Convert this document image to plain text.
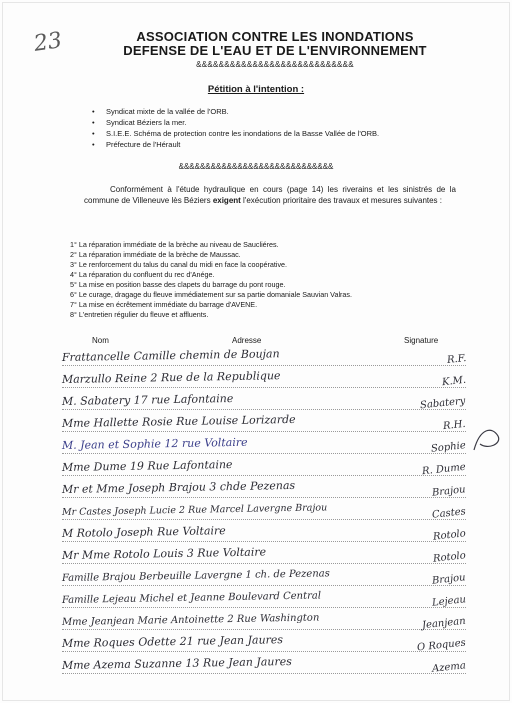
23	ASSOCIATION CONTRE LES INONDATIONS
DEFENSE DE L'EAU ET DE L'ENVIRONNEMENT
&&&&&&&&&&&&&&&&&&&&&&&&&&&&
Pétition à l'intention :
• Syndicat mixte de la vallée de l'ORB.
• Syndicat Béziers la mer.
• S.I.E.E. Schéma de protection contre les inondations de la Basse Vallée de l'ORB.
• Préfecture de l'Hérault
&&&&&&&&&&&&&&&&&&&&&&&&&&&&&
Conformément à l'étude hydraulique en cours (page 14) les riverains et les sinistrés de la commune de Villeneuve lès Béziers exigent l'exécution prioritaire des travaux et mesures suivantes :
1° La réparation immédiate de la brèche au niveau de Saucliéres.
2° La réparation immédiate de la brèche de Maussac.
3° Le renforcement du talus du canal du midi en face la coopérative.
4° La réparation du confluent du rec d'Anége.
5° La mise en position basse des clapets du barrage du pont rouge.
6° Le curage, dragage du fleuve immédiatement sur sa partie domaniale Sauvian Valras.
7° La mise en écrêtement immédiate du barrage d'AVENE.
8° L'entretien régulier du fleuve et affluents.
Nom	Adresse	Signature
Frattancelle Camille chemin de Boujan	R.F.
Marzullo Reine 2 Rue de la Republique	K.M.
M. Sabatery 17 rue Lafontaine	Sabatery
Mme Hallette Rosie Rue Louise Lorizarde	R.H.
M. Jean et Sophie 12 rue Voltaire	Sophie
Mme Dume 19 Rue Lafontaine	R. Dume
Mr et Mme Joseph Brajou 3 chde Pezenas	Brajou
Mr Castes Joseph Lucie 2 Rue Marcel Lavergne Brajou	Castes
M Rotolo Joseph Rue Voltaire	Rotolo
Mr Mme Rotolo Louis 3 Rue Voltaire	Rotolo
Famille Brajou Berbeuille Lavergne 1 ch. de Pezenas	Brajou
Famille Lejeau Michel et Jeanne Boulevard Central	Lejeau
Mme Jeanjean Marie Antoinette 2 Rue Washington	Jeanjean
Mme Roques Odette 21 rue Jean Jaures	O Roques
Mme Azema Suzanne 13 Rue Jean Jaures	Azema
